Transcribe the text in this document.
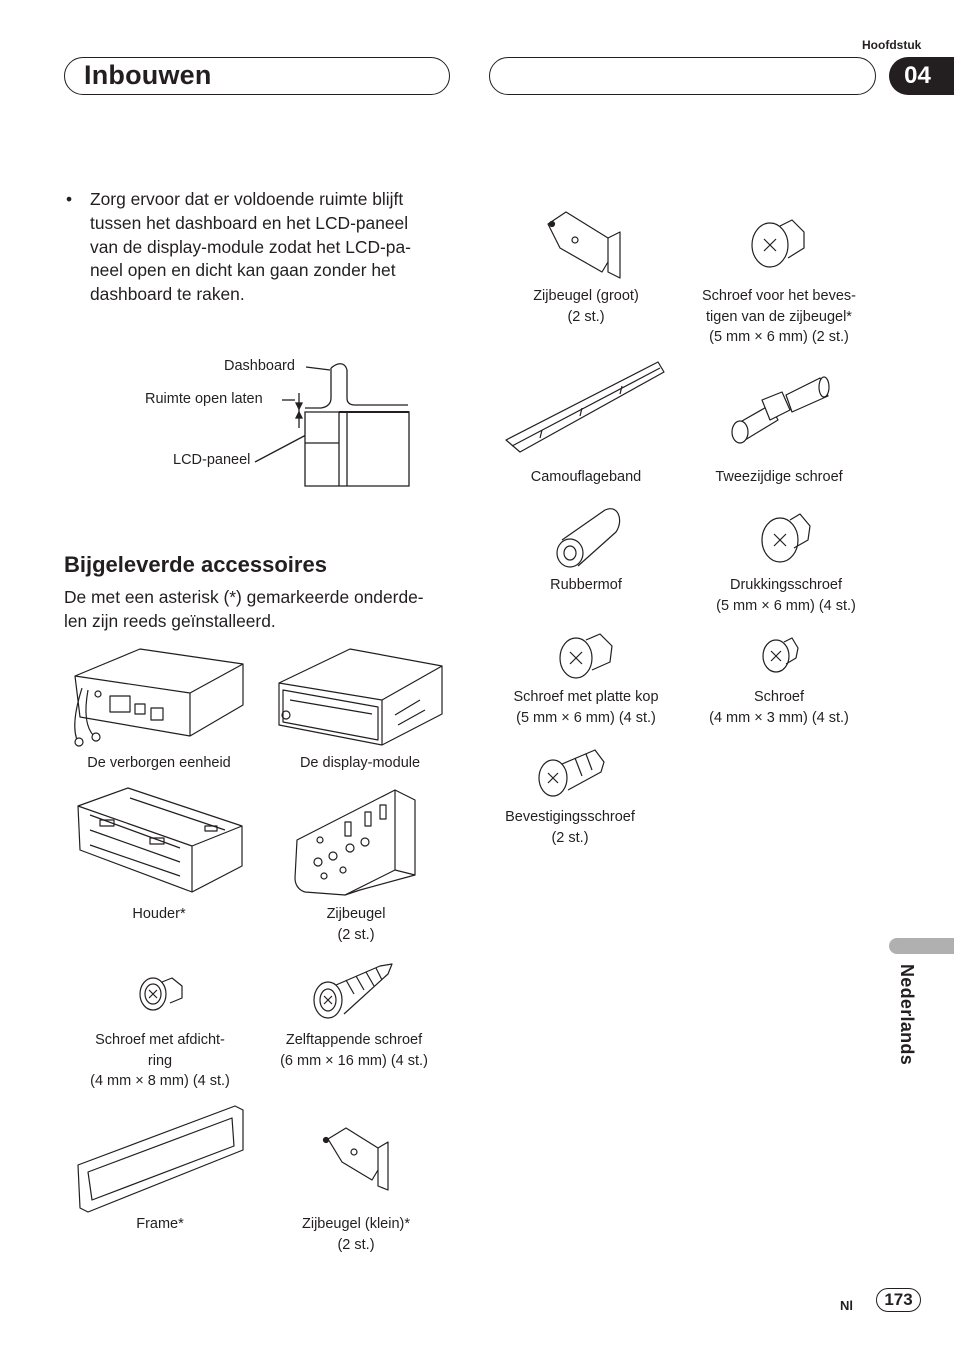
Hoofdstuk
Inbouwen	04
• Zorg ervoor dat er voldoende ruimte blijft
tussen het dashboard en het LCD-paneel
van de display-module zodat het LCD-pa-
neel open en dicht kan gaan zonder het
dashboard te raken.
Dashboard
Ruimte open laten
LCD-paneel
Bijgeleverde accessoires
De met een asterisk (*) gemarkeerde onderde-
len zijn reeds geïnstalleerd.
De verborgen eenheid	De display-module
Houder*	Zijbeugel
(2 st.)
Schroef met afdicht-
ring
(4 mm × 8 mm) (4 st.)
Zelftappende schroef
(6 mm × 16 mm) (4 st.)
Frame*	Zijbeugel (klein)*
(2 st.)
Zijbeugel (groot)
(2 st.)
Schroef voor het beves-
tigen van de zijbeugel*
(5 mm × 6 mm) (2 st.)
Camouflageband	Tweezijdige schroef
Rubbermof	Drukkingsschroef
(5 mm × 6 mm) (4 st.)
Schroef met platte kop
(5 mm × 6 mm) (4 st.)
Schroef
(4 mm × 3 mm) (4 st.)
Bevestigingsschroef
(2 st.)
Nederlands
Nl	173
